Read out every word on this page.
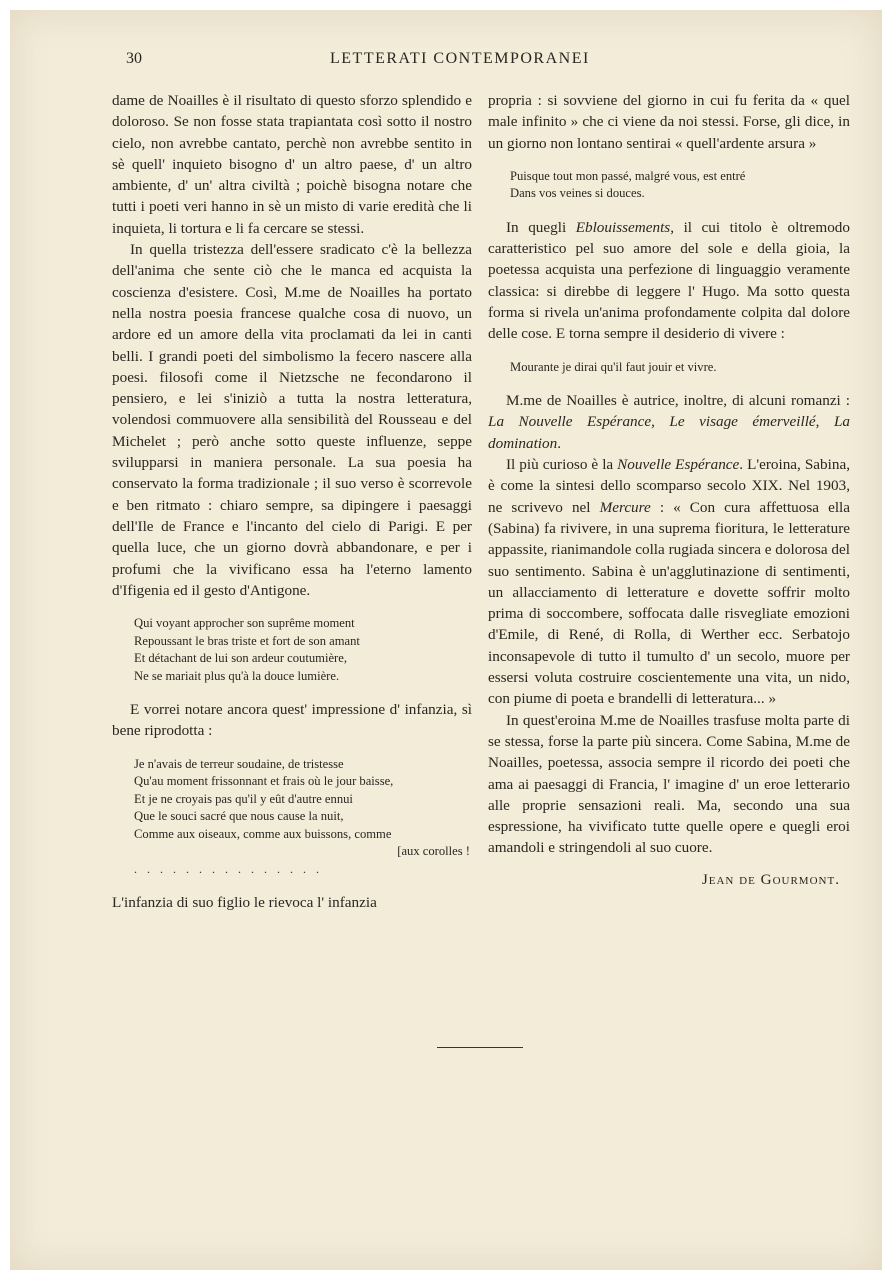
30	LETTERATI CONTEMPORANEI

dame de Noailles è il risultato di questo sforzo splendido e doloroso. Se non fosse stata trapiantata così sotto il nostro cielo, non avrebbe cantato, perchè non avrebbe sentito in sè quell' inquieto bisogno d' un altro paese, d' un altro ambiente, d' un' altra civiltà ; poichè bisogna notare che tutti i poeti veri hanno in sè un misto di varie eredità che li inquieta, li tortura e li fa cercare se stessi.

In quella tristezza dell'essere sradicato c'è la bellezza dell'anima che sente ciò che le manca ed acquista la coscienza d'esistere. Così, M.me de Noailles ha portato nella nostra poesia francese qualche cosa di nuovo, un ardore ed un amore della vita proclamati da lei in canti belli. I grandi poeti del simbolismo la fecero nascere alla poesi. filosofi come il Nietzsche ne fecondarono il pensiero, e lei s'iniziò a tutta la nostra letteratura, volendosi commuovere alla sensibilità del Rousseau e del Michelet ; però anche sotto queste influenze, seppe svilupparsi in maniera personale. La sua poesia ha conservato la forma tradizionale ; il suo verso è scorrevole e ben ritmato : chiaro sempre, sa dipingere i paesaggi dell'Ile de France e l'incanto del cielo di Parigi. E per quella luce, che un giorno dovrà abbandonare, e per i profumi che la vivificano essa ha l'eterno lamento d'Ifigenia ed il gesto d'Antigone.

Qui voyant approcher son suprême moment
Repoussant le bras triste et fort de son amant
Et détachant de lui son ardeur coutumière,
Ne se mariait plus qu'à la douce lumière.

E vorrei notare ancora quest' impressione d' infanzia, sì bene riprodotta :

Je n'avais de terreur soudaine, de tristesse
Qu'au moment frissonnant et frais où le jour baisse,
Et je ne croyais pas qu'il y eût d'autre ennui
Que le souci sacré que nous cause la nuit,
Comme aux oiseaux, comme aux buissons, comme
[aux corolles !
...............

L'infanzia di suo figlio le rievoca l' infanzia

propria : si sovviene del giorno in cui fu ferita da « quel male infinito » che ci viene da noi stessi. Forse, gli dice, in un giorno non lontano sentirai « quell'ardente arsura »

Puisque tout mon passé, malgré vous, est entré
Dans vos veines si douces.

In quegli Eblouissements, il cui titolo è oltremodo caratteristico pel suo amore del sole e della gioia, la poetessa acquista una perfezione di linguaggio veramente classica: si direbbe di leggere l' Hugo. Ma sotto questa forma si rivela un'anima profondamente colpita dal dolore delle cose. E torna sempre il desiderio di vivere :

Mourante je dirai qu'il faut jouir et vivre.

M.me de Noailles è autrice, inoltre, di alcuni romanzi : La Nouvelle Espérance, Le visage émerveillé, La domination.

Il più curioso è la Nouvelle Espérance. L'eroina, Sabina, è come la sintesi dello scomparso secolo XIX. Nel 1903, ne scrivevo nel Mercure : « Con cura affettuosa ella (Sabina) fa rivivere, in una suprema fioritura, le letterature appassite, rianimandole colla rugiada sincera e dolorosa del suo sentimento. Sabina è un'agglutinazione di sentimenti, un allacciamento di letterature e dovette soffrir molto prima di soccombere, soffocata dalle risvegliate emozioni d'Emile, di René, di Rolla, di Werther ecc. Serbatojo inconsapevole di tutto il tumulto d' un secolo, muore per essersi voluta costruire coscientemente una vita, un nido, con piume di poeta e brandelli di letteratura... »

In quest'eroina M.me de Noailles trasfuse molta parte di se stessa, forse la parte più sincera. Come Sabina, M.me de Noailles, poetessa, associa sempre il ricordo dei poeti che ama ai paesaggi di Francia, l' imagine d' un eroe letterario alle proprie sensazioni reali. Ma, secondo una sua espressione, ha vivificato tutte quelle opere e quegli eroi amandoli e stringendoli al suo cuore.

Jean de Gourmont.
